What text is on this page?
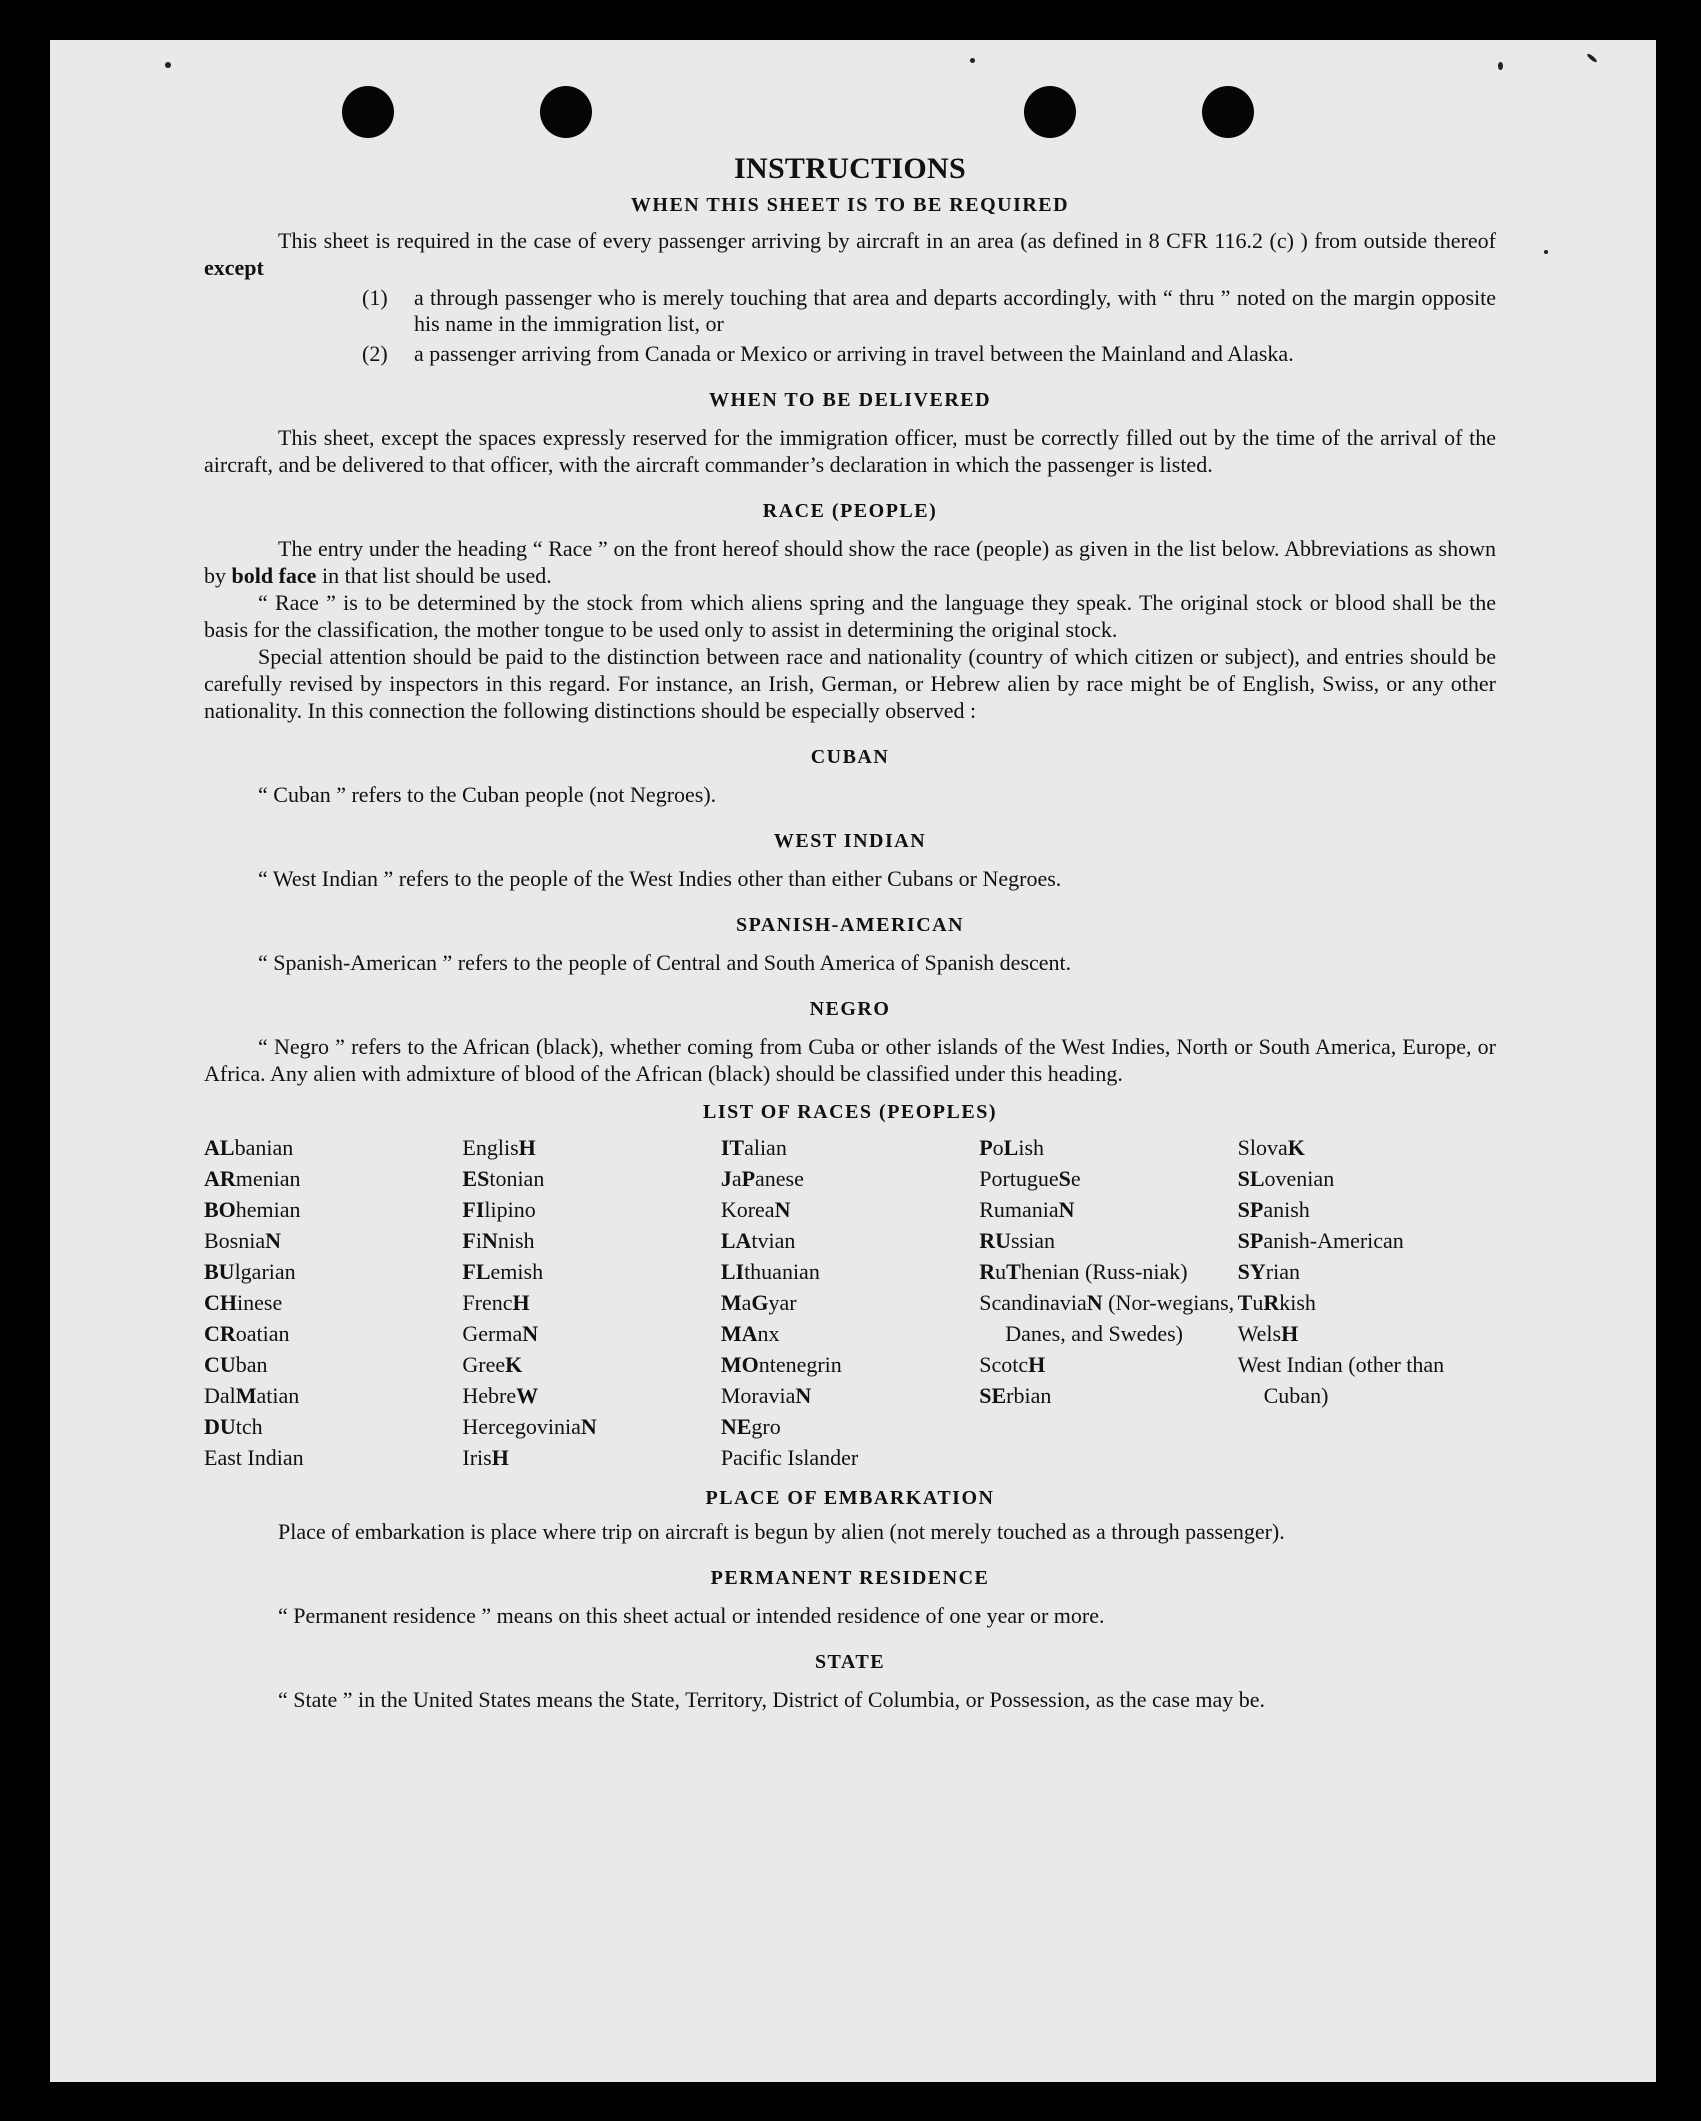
INSTRUCTIONS
WHEN THIS SHEET IS TO BE REQUIRED

This sheet is required in the case of every passenger arriving by aircraft in an area (as defined in 8 CFR 116.2 (c) ) from outside thereof except

(1)	a through passenger who is merely touching that area and departs accordingly, with “ thru ” noted on the margin opposite his name in the immigration list, or
(2)	a passenger arriving from Canada or Mexico or arriving in travel between the Mainland and Alaska.
WHEN TO BE DELIVERED

This sheet, except the spaces expressly reserved for the immigration officer, must be correctly filled out by the time of the arrival of the aircraft, and be delivered to that officer, with the aircraft commander’s declaration in which the passenger is listed.

RACE (PEOPLE)

The entry under the heading “ Race ” on the front hereof should show the race (people) as given in the list below. Abbreviations as shown by bold face in that list should be used.

“ Race ” is to be determined by the stock from which aliens spring and the language they speak. The original stock or blood shall be the basis for the classification, the mother tongue to be used only to assist in determining the original stock.

Special attention should be paid to the distinction between race and nationality (country of which citizen or subject), and entries should be carefully revised by inspectors in this regard. For instance, an Irish, German, or Hebrew alien by race might be of English, Swiss, or any other nationality. In this connection the following distinctions should be especially observed :

CUBAN

“ Cuban ” refers to the Cuban people (not Negroes).

WEST INDIAN

“ West Indian ” refers to the people of the West Indies other than either Cubans or Negroes.

SPANISH-AMERICAN

“ Spanish-American ” refers to the people of Central and South America of Spanish descent.

NEGRO

“ Negro ” refers to the African (black), whether coming from Cuba or other islands of the West Indies, North or South America, Europe, or Africa. Any alien with admixture of blood of the African (black) should be classified under this heading.

LIST OF RACES (PEOPLES)
ALbanian
ARmenian
BOhemian
BosniaN
BUlgarian
CHinese
CRoatian
CUban
DalMatian
DUtch
East Indian
EnglisH
EStonian
FIlipino
FiNnish
FLemish
FrencH
GermaN
GreeK
HebreW
HercegoviniaN
IrisH
ITalian
JaPanese
KoreaN
LAtvian
LIthuanian
MaGyar
MAnx
MOntenegrin
MoraviaN
NEgro
Pacific Islander
PoLish
PortugueSe
RumaniaN
RUssian
RuThenian (Russ-niak)
ScandinaviaN (Nor-wegians, Danes, and Swedes)
ScotcH
SErbian
SlovaK
SLovenian
SPanish
SPanish-American
SYrian
TuRkish
WelsH
West Indian (other than Cuban)
PLACE OF EMBARKATION

Place of embarkation is place where trip on aircraft is begun by alien (not merely touched as a through passenger).

PERMANENT RESIDENCE

“ Permanent residence ” means on this sheet actual or intended residence of one year or more.

STATE

“ State ” in the United States means the State, Territory, District of Columbia, or Possession, as the case may be.
